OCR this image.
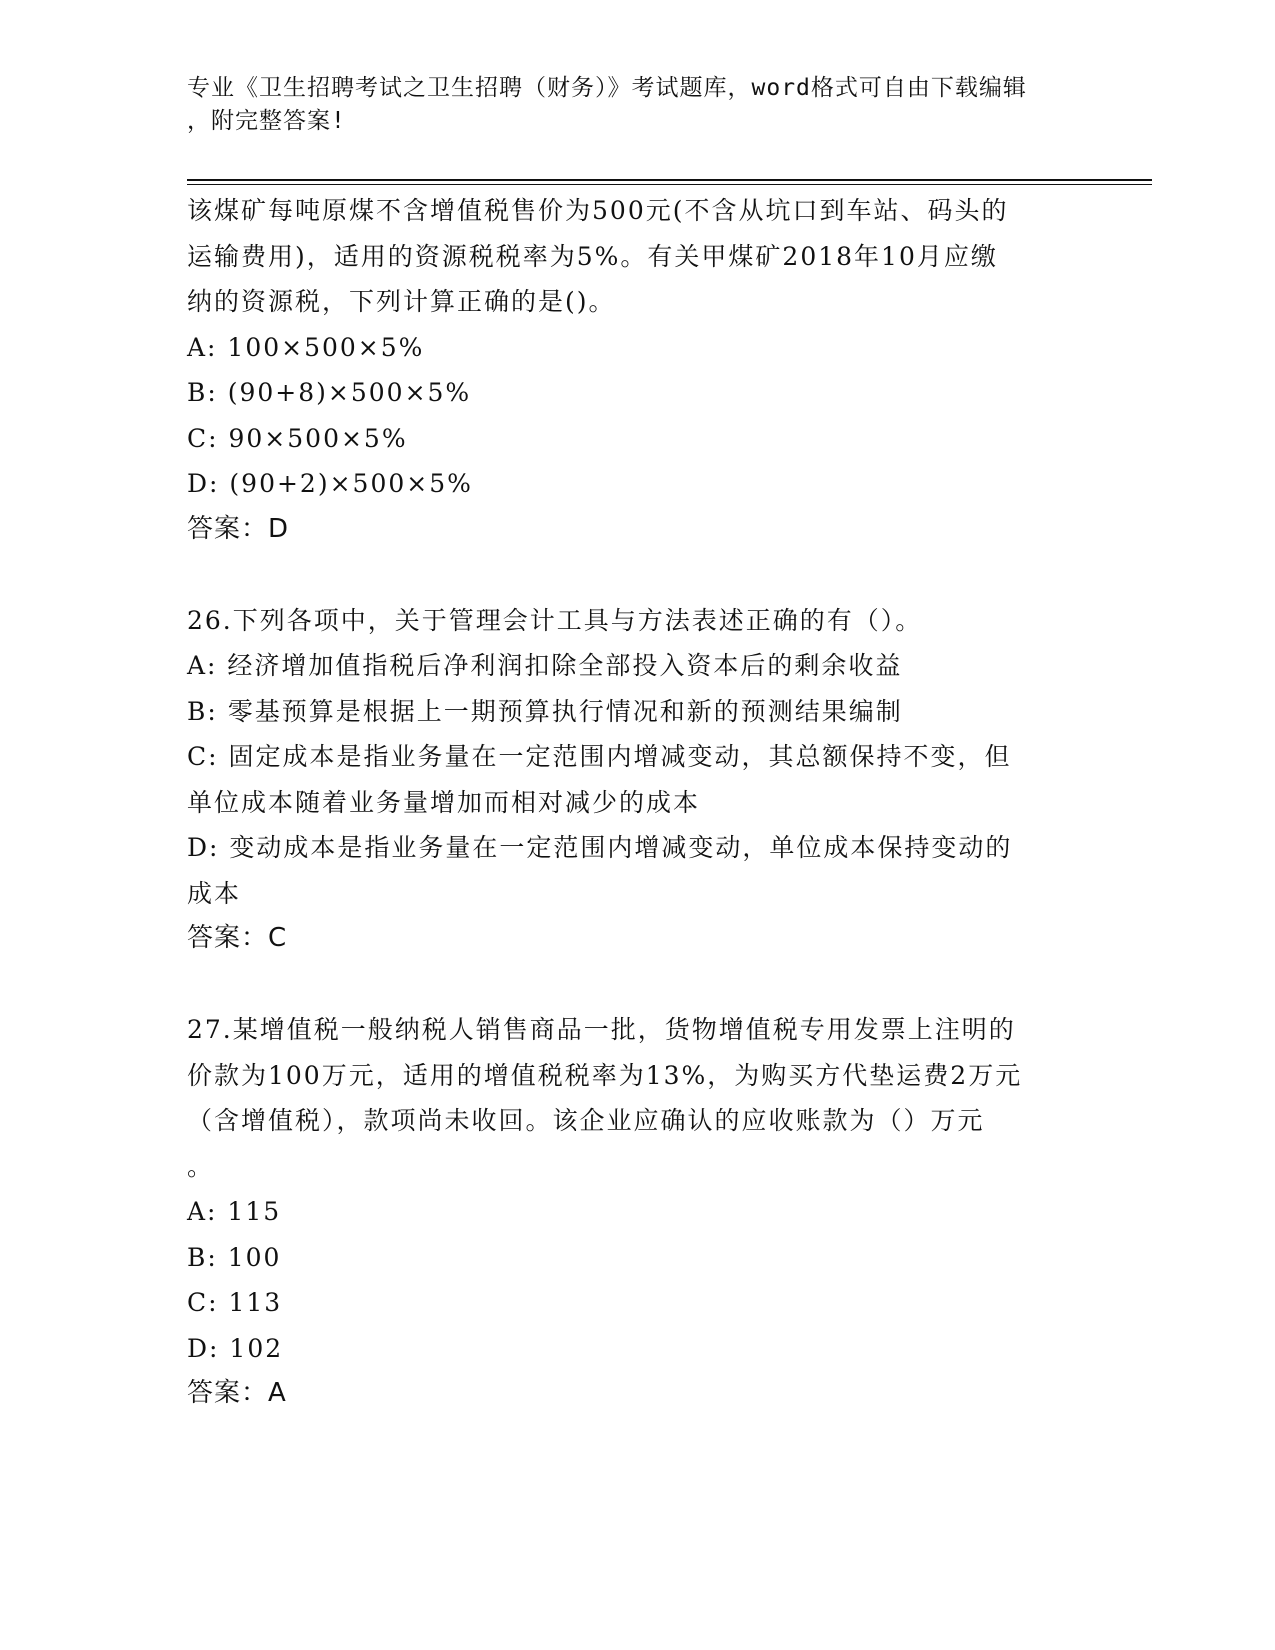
专业《卫生招聘考试之卫生招聘（财务）》考试题库，word格式可自由下载编辑
，附完整答案!
该煤矿每吨原煤不含增值税售价为500元(不含从坑口到车站、码头的
运输费用)，适用的资源税税率为5%。有关甲煤矿2018年10月应缴
纳的资源税，下列计算正确的是()。
A: 100×500×5%
B: (90+8)×500×5%
C: 90×500×5%
D: (90+2)×500×5%
答案：D
26.下列各项中，关于管理会计工具与方法表述正确的有（）。
A: 经济增加值指税后净利润扣除全部投入资本后的剩余收益
B: 零基预算是根据上一期预算执行情况和新的预测结果编制
C: 固定成本是指业务量在一定范围内增减变动，其总额保持不变，但
单位成本随着业务量增加而相对减少的成本
D: 变动成本是指业务量在一定范围内增减变动，单位成本保持变动的
成本
答案：C
27.某增值税一般纳税人销售商品一批，货物增值税专用发票上注明的
价款为100万元，适用的增值税税率为13%，为购买方代垫运费2万元
（含增值税），款项尚未收回。该企业应确认的应收账款为（）万元
。
A: 115
B: 100
C: 113
D: 102
答案：A
